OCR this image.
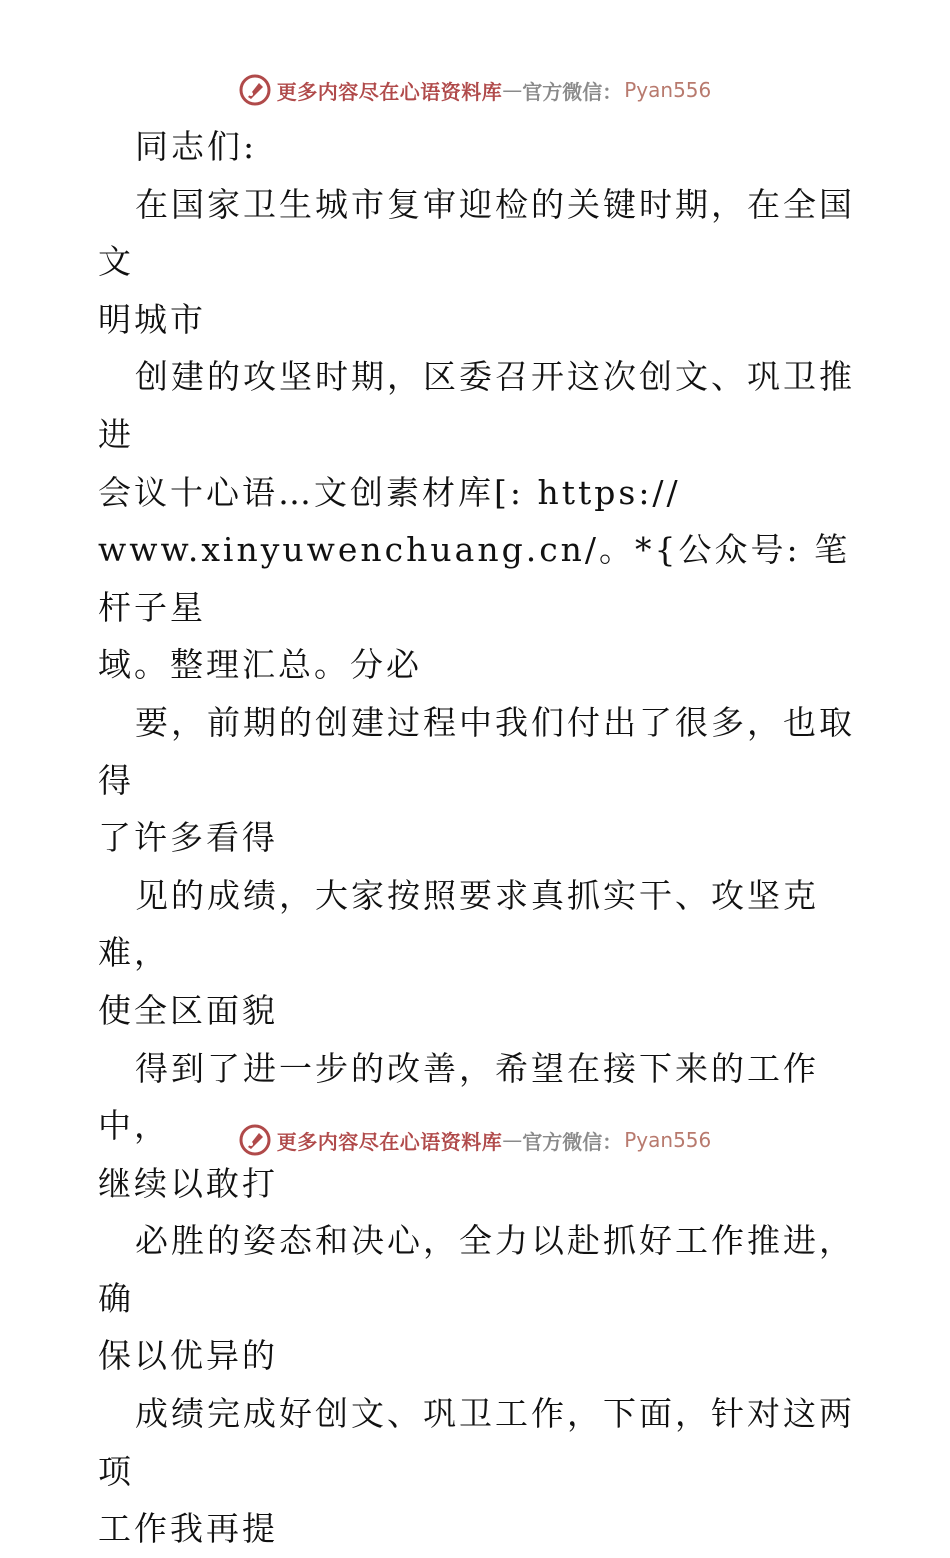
更多内容尽在心语资料库 — 官方微信： Pyan556
同志们:
在国家卫生城市复审迎检的关键时期，在全国文
明城市
创建的攻坚时期，区委召开这次创文、巩卫推进
会议十心语…文创素材库[: https://
www.xinyuwenchuang.cn/。*{公众号: 笔杆子星
域。整理汇总。分必
要，前期的创建过程中我们付出了很多，也取得
了许多看得
见的成绩，大家按照要求真抓实干、攻坚克难，
使全区面貌
得到了进一步的改善，希望在接下来的工作中，
继续以敢打
必胜的姿态和决心，全力以赴抓好工作推进，确
保以优异的
成绩完成好创文、巩卫工作，下面，针对这两项
工作我再提
更多内容尽在心语资料库 — 官方微信： Pyan556
